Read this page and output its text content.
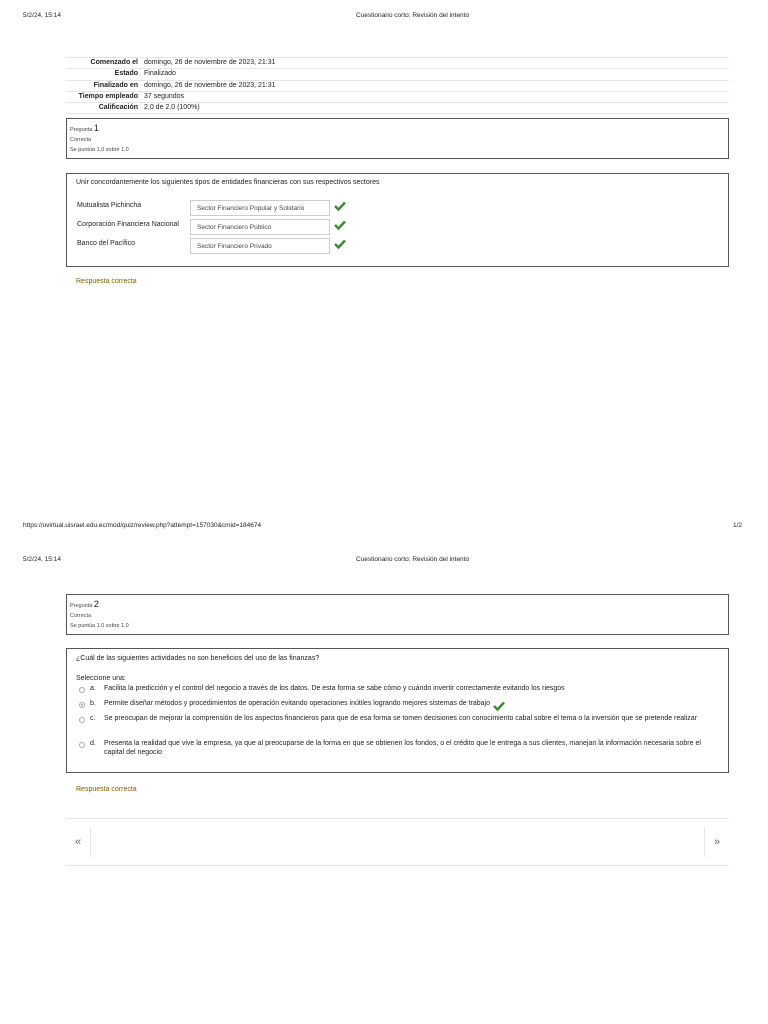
5/2/24, 15:14	Cuestionario corto: Revisión del intento
Comenzado el domingo, 26 de noviembre de 2023, 21:31
Estado Finalizado
Finalizado en domingo, 26 de noviembre de 2023, 21:31
Tiempo empleado 37 segundos
Calificación 2,0 de 2,0 (100%)
Pregunta 1
Correcta
Se puntúa 1,0 sobre 1,0
Unir concordantemente los siguientes tipos de entidades financieras con sus respectivos sectores
Mutualista Pichincha	Sector Financiero Popular y Solidario
Corporación Financiera Nacional	Sector Financiero Público
Banco del Pacífico	Sector Financiero Privado
Respuesta correcta
https://uvirtual.uisrael.edu.ec/mod/quiz/review.php?attempt=157030&cmid=184674	1/2
5/2/24, 15:14	Cuestionario corto: Revisión del intento
Pregunta 2
Correcta
Se puntúa 1,0 sobre 1,0
¿Cuál de las siguientes actividades no son beneficios del uso de las finanzas?
Seleccione una:
a.	Facilita la predicción y el control del negocio a través de los datos. De esta forma se sabe cómo y cuándo invertir correctamente evitando los riesgos
b.	Permite diseñar métodos y procedimientos de operación evitando operaciones inútiles logrando mejores sistemas de trabajo
c.	Se preocupan de mejorar la comprensión de los aspectos financieros para que de esa forma se tomen decisiones con conocimiento cabal sobre el tema o la inversión que se pretende realizar
d.	Presenta la realidad que vive la empresa, ya que al preocuparse de la forma en que se obtienen los fondos, o el crédito que le entrega a sus clientes, manejan la información necesaria sobre el capital del negocio
Respuesta correcta
«	»
